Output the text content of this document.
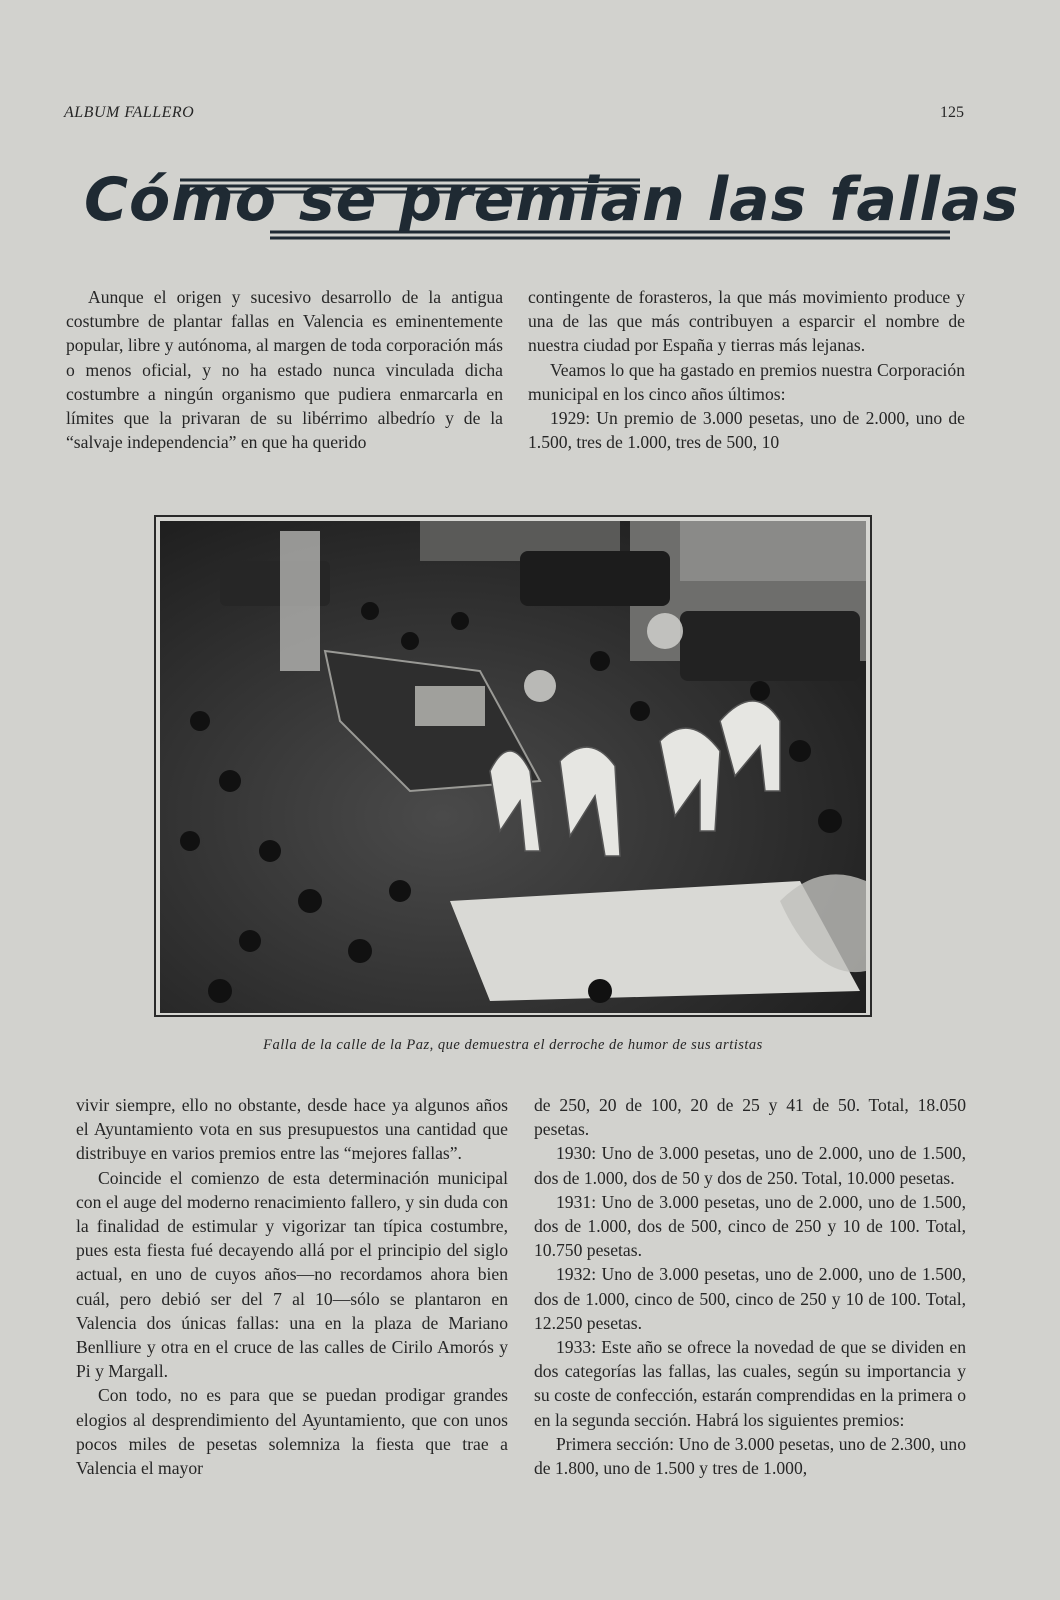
ALBUM FALLERO	125
Cómo se premian las fallas

Aunque el origen y sucesivo desarrollo de la antigua costumbre de plantar fallas en Valencia es eminentemente popular, libre y autónoma, al margen de toda corporación más o menos oficial, y no ha estado nunca vinculada dicha costumbre a ningún organismo que pudiera enmarcarla en límites que la privaran de su libérrimo albedrío y de la “salvaje independencia” en que ha querido

contingente de forasteros, la que más movimiento produce y una de las que más contribuyen a esparcir el nombre de nuestra ciudad por España y tierras más lejanas.

Veamos lo que ha gastado en premios nuestra Corporación municipal en los cinco años últimos:

1929: Un premio de 3.000 pesetas, uno de 2.000, uno de 1.500, tres de 1.000, tres de 500, 10

Falla de la calle de la Paz, que demuestra el derroche de humor de sus artistas

vivir siempre, ello no obstante, desde hace ya algunos años el Ayuntamiento vota en sus presupuestos una cantidad que distribuye en varios premios entre las “mejores fallas”.

Coincide el comienzo de esta determinación municipal con el auge del moderno renacimiento fallero, y sin duda con la finalidad de estimular y vigorizar tan típica costumbre, pues esta fiesta fué decayendo allá por el principio del siglo actual, en uno de cuyos años—no recordamos ahora bien cuál, pero debió ser del 7 al 10—sólo se plantaron en Valencia dos únicas fallas: una en la plaza de Mariano Benlliure y otra en el cruce de las calles de Cirilo Amorós y Pi y Margall.

Con todo, no es para que se puedan prodigar grandes elogios al desprendimiento del Ayuntamiento, que con unos pocos miles de pesetas solemniza la fiesta que trae a Valencia el mayor

de 250, 20 de 100, 20 de 25 y 41 de 50. Total, 18.050 pesetas.

1930: Uno de 3.000 pesetas, uno de 2.000, uno de 1.500, dos de 1.000, dos de 50 y dos de 250. Total, 10.000 pesetas.

1931: Uno de 3.000 pesetas, uno de 2.000, uno de 1.500, dos de 1.000, dos de 500, cinco de 250 y 10 de 100. Total, 10.750 pesetas.

1932: Uno de 3.000 pesetas, uno de 2.000, uno de 1.500, dos de 1.000, cinco de 500, cinco de 250 y 10 de 100. Total, 12.250 pesetas.

1933: Este año se ofrece la novedad de que se dividen en dos categorías las fallas, las cuales, según su importancia y su coste de confección, estarán comprendidas en la primera o en la segunda sección. Habrá los siguientes premios:

Primera sección: Uno de 3.000 pesetas, uno de 2.300, uno de 1.800, uno de 1.500 y tres de 1.000,
